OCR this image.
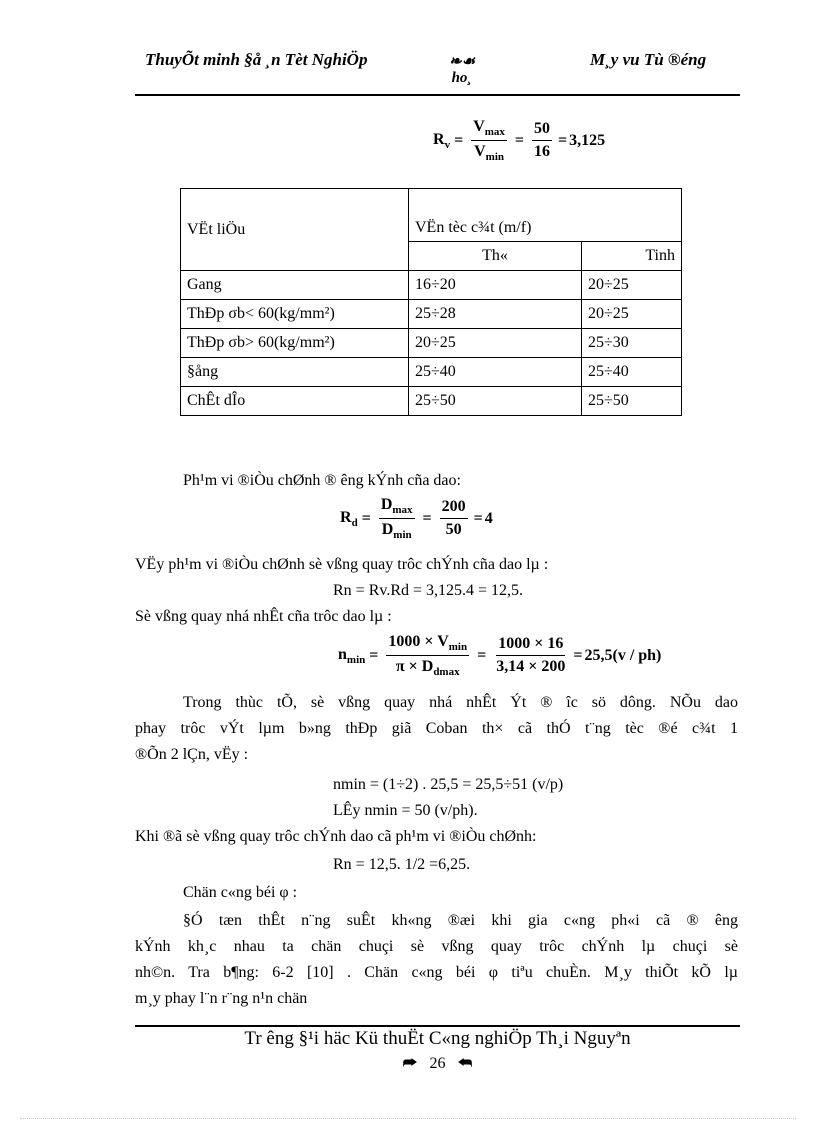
ThuyÕt minh §å ¸n Tèt NghiÖp	❧☙
ho¸
M¸y vu Tù ®éng
$R_v = \frac{V_{max}}{V_{min}} = \frac{50}{16} = 3,125$
VËt liÖu	VËn tèc c¾t (m/f)	
	Th«	Tinh
Gang	16÷20	20÷25
ThÐp σb< 60(kg/mm²)	25÷28	20÷25
ThÐp σb> 60(kg/mm²)	20÷25	25÷30
§ång	25÷40	25÷40
ChÊt dÎo	25÷50	25÷50
Ph¹m vi ®iÒu chØnh ® êng kÝnh cña dao:
$R_d = \frac{D_{max}}{D_{min}} = \frac{200}{50} = 4$
VËy ph¹m vi ®iÒu chØnh sè vßng quay trôc chÝnh cña dao lµ :
Rn = Rv.Rd = 3,125.4 = 12,5.
Sè vßng quay nhá nhÊt cña trôc dao lµ :
$n_{min} = \frac{1000 \times V_{min}}{\pi \times D_{dmax}} = \frac{1000 \times 16}{3,14 \times 200} = 25,5(v / ph)$
Trong thùc tÕ, sè vßng quay nhá nhÊt Ýt ® îc sö dông. NÕu dao
phay trôc vÝt lµm b»ng thÐp giã Coban th× cã thÓ t¨ng tèc ®é c¾t 1
®Õn 2 lÇn, vËy :
nmin = (1÷2) . 25,5 = 25,5÷51 (v/p)
LÊy nmin = 50 (v/ph).
Khi ®ã sè vßng quay trôc chÝnh dao cã ph¹m vi ®iÒu chØnh:
Rn = 12,5. 1/2 =6,25.
Chän c«ng béi φ :
§Ó tæn thÊt n¨ng suÊt kh«ng ®æi khi gia c«ng ph«i cã ® êng
kÝnh kh¸c nhau ta chän chuçi sè vßng quay trôc chÝnh lµ chuçi sè
nh©n. Tra b¶ng: 6-2 [10] . Chän c«ng béi φ tiªu chuÈn. M¸y thiÕt kÕ lµ
m¸y phay l¨n r¨ng n¹n chän
Tr êng §¹i häc Kü thuËt C«ng nghiÖp Th¸i Nguyªn
⮫ 26 ⮪
